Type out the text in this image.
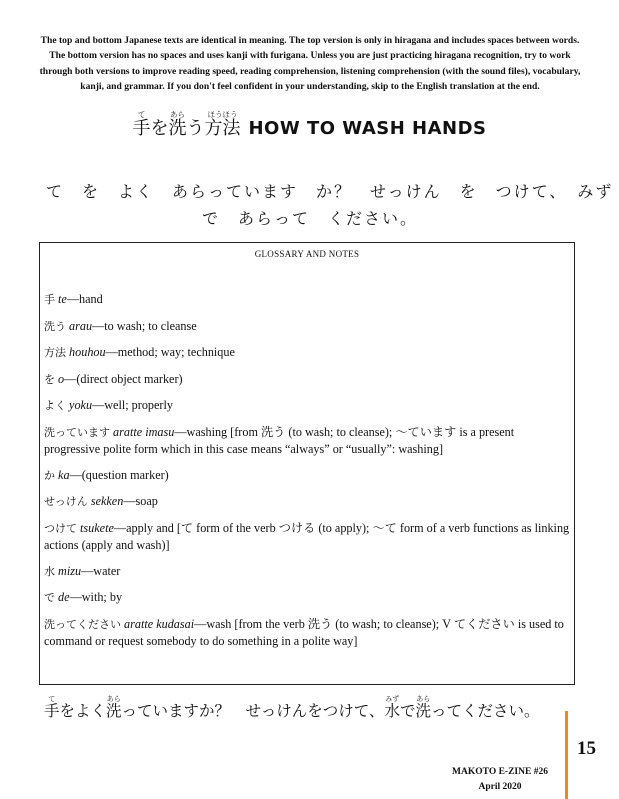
The top and bottom Japanese texts are identical in meaning. The top version is only in hiragana and includes spaces between words. The bottom version has no spaces and uses kanji with furigana. Unless you are just practicing hiragana recognition, try to work through both versions to improve reading speed, reading comprehension, listening comprehension (with the sound files), vocabulary, kanji, and grammar. If you don't feel confident in your understanding, skip to the English translation at the end.
手てを洗あらう方法ほうほうHOW TO WASH HANDS
て　を　よく　あらっています　か？　せっけん　を　つけて、　みず
で　あらって　ください。
GLOSSARY AND NOTES
手 te—hand
洗う arau—to wash; to cleanse
方法 houhou—method; way; technique
を o—(direct object marker)
よく yoku—well; properly
洗っています aratte imasu—washing [from 洗う (to wash; to cleanse); ～ています is a present progressive polite form which in this case means “always” or “usually”: washing]
か ka—(question marker)
せっけん sekken—soap
つけて tsukete—apply and [て form of the verb つける (to apply); ～て form of a verb functions as linking actions (apply and wash)]
水 mizu—water
で de—with; by
洗ってください aratte kudasai—wash [from the verb 洗う (to wash; to cleanse); V てください is used to command or request somebody to do something in a polite way]
手てをよく洗あらっていますか？　せっけんをつけて、水みずで洗あらってください。
15
MAKOTO E-ZINE #26
April 2020
